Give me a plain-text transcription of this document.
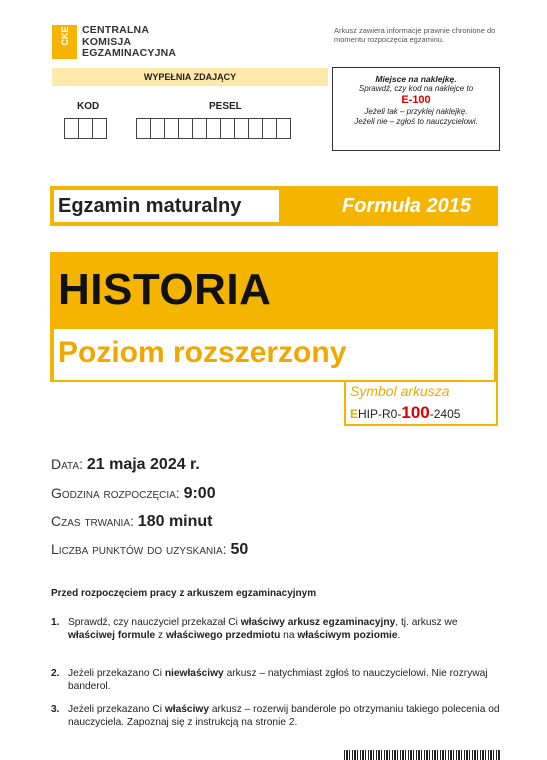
CKE CENTRALNA
KOMISJA
EGZAMINACYJNA
Arkusz zawiera informacje prawnie chronione do momentu rozpoczęcia egzaminu.
WYPEŁNIA ZDAJĄCY
KOD	PESEL
Miejsce na naklejkę.
Sprawdź, czy kod na naklejce to
E-100
Jeżeli tak – przyklej naklejkę.
Jeżeli nie – zgłoś to nauczycielowi.
Egzamin maturalny	Formuła 2015
HISTORIA
Poziom rozszerzony
Symbol arkusza
EHIP-R0-100-2405
Data: 21 maja 2024 r.
Godzina rozpoczęcia: 9:00
Czas trwania: 180 minut
Liczba punktów do uzyskania: 50
Przed rozpoczęciem pracy z arkuszem egzaminacyjnym
1. Sprawdź, czy nauczyciel przekazał Ci właściwy arkusz egzaminacyjny, tj. arkusz we właściwej formule z właściwego przedmiotu na właściwym poziomie.
2. Jeżeli przekazano Ci niewłaściwy arkusz – natychmiast zgłoś to nauczycielowi. Nie rozrywaj banderol.
3. Jeżeli przekazano Ci właściwy arkusz – rozerwij banderole po otrzymaniu takiego polecenia od nauczyciela. Zapoznaj się z instrukcją na stronie 2.
